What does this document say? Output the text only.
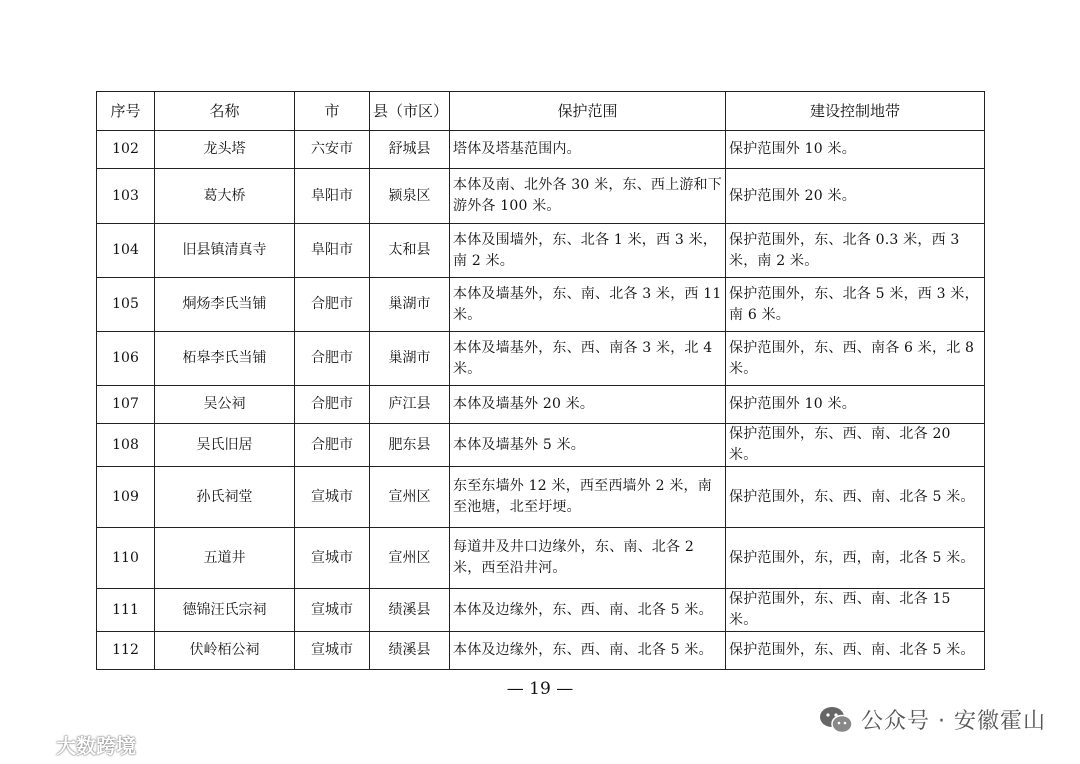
序号	名称	市	县（市区）	保护范围	建设控制地带
102	龙头塔	六安市	舒城县	塔体及塔基范围内。	保护范围外 10 米。
103	葛大桥	阜阳市	颍泉区	本体及南、北外各 30 米，东、西上游和下游外各 100 米。	保护范围外 20 米。
104	旧县镇清真寺	阜阳市	太和县	本体及围墙外，东、北各 1 米，西 3 米，南 2 米。	保护范围外，东、北各 0.3 米，西 3 米，南 2 米。
105	烔炀李氏当铺	合肥市	巢湖市	本体及墙基外，东、南、北各 3 米，西 11 米。	保护范围外，东、北各 5 米，西 3 米，南 6 米。
106	柘皋李氏当铺	合肥市	巢湖市	本体及墙基外，东、西、南各 3 米，北 4 米。	保护范围外，东、西、南各 6 米，北 8 米。
107	吴公祠	合肥市	庐江县	本体及墙基外 20 米。	保护范围外 10 米。
108	吴氏旧居	合肥市	肥东县	本体及墙基外 5 米。	保护范围外，东、西、南、北各 20 米。
109	孙氏祠堂	宣城市	宣州区	东至东墙外 12 米，西至西墙外 2 米，南至池塘，北至圩埂。	保护范围外，东、西、南、北各 5 米。
110	五道井	宣城市	宣州区	每道井及井口边缘外，东、南、北各 2 米，西至沿井河。	保护范围外，东，西，南，北各 5 米。
111	德锦汪氏宗祠	宣城市	绩溪县	本体及边缘外，东、西、南、北各 5 米。	保护范围外，东、西、南、北各 15 米。
112	伏岭栢公祠	宣城市	绩溪县	本体及边缘外，东、西、南、北各 5 米。	保护范围外，东、西、南、北各 5 米。
— 19 —
公众号 · 安徽霍山
大数跨境
